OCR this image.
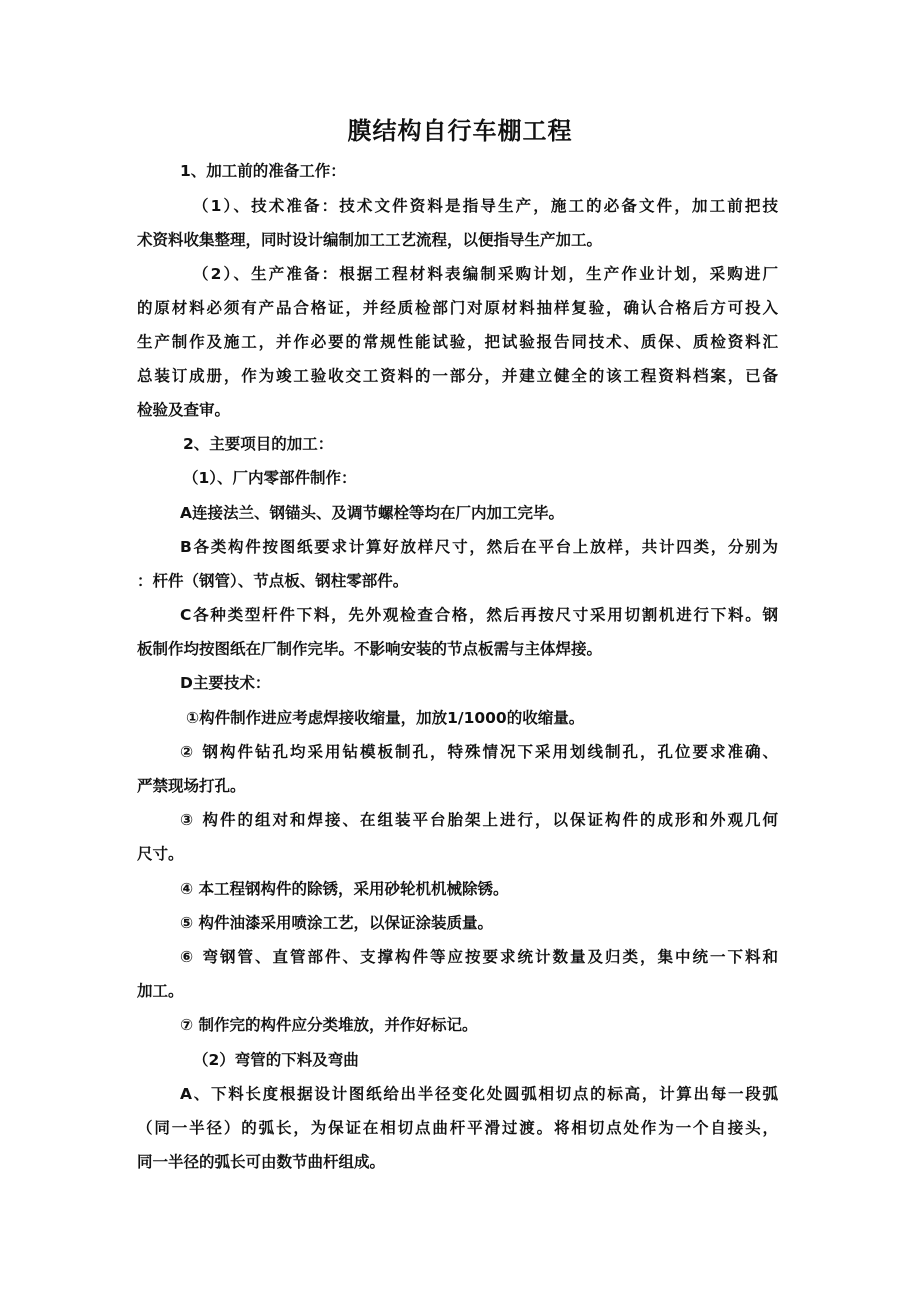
膜结构自行车棚工程
1、加工前的准备工作：
（1）、技术准备：技术文件资料是指导生产，施工的必备文件，加工前把技
术资料收集整理，同时设计编制加工工艺流程，以便指导生产加工。
（2）、生产准备：根据工程材料表编制采购计划，生产作业计划，采购进厂
的原材料必须有产品合格证，并经质检部门对原材料抽样复验，确认合格后方可投入
生产制作及施工，并作必要的常规性能试验，把试验报告同技术、质保、质检资料汇
总装订成册，作为竣工验收交工资料的一部分，并建立健全的该工程资料档案，已备
检验及查审。
2、主要项目的加工：
（1）、厂内零部件制作：
A连接法兰、钢锚头、及调节螺栓等均在厂内加工完毕。
B各类构件按图纸要求计算好放样尺寸，然后在平台上放样，共计四类，分别为
：杆件（钢管）、节点板、钢柱零部件。
C各种类型杆件下料，先外观检查合格，然后再按尺寸采用切割机进行下料。钢
板制作均按图纸在厂制作完毕。不影响安装的节点板需与主体焊接。
D主要技术：
①构件制作进应考虑焊接收缩量，加放1/1000的收缩量。
② 钢构件钻孔均采用钻模板制孔，特殊情况下采用划线制孔，孔位要求准确、
严禁现场打孔。
③ 构件的组对和焊接、在组装平台胎架上进行，以保证构件的成形和外观几何
尺寸。
④ 本工程钢构件的除锈，采用砂轮机机械除锈。
⑤ 构件油漆采用喷涂工艺，以保证涂装质量。
⑥ 弯钢管、直管部件、支撑构件等应按要求统计数量及归类，集中统一下料和
加工。
⑦ 制作完的构件应分类堆放，并作好标记。
（2）弯管的下料及弯曲
A、下料长度根据设计图纸给出半径变化处圆弧相切点的标高，计算出每一段弧
（同一半径）的弧长，为保证在相切点曲杆平滑过渡。将相切点处作为一个自接头，
同一半径的弧长可由数节曲杆组成。
